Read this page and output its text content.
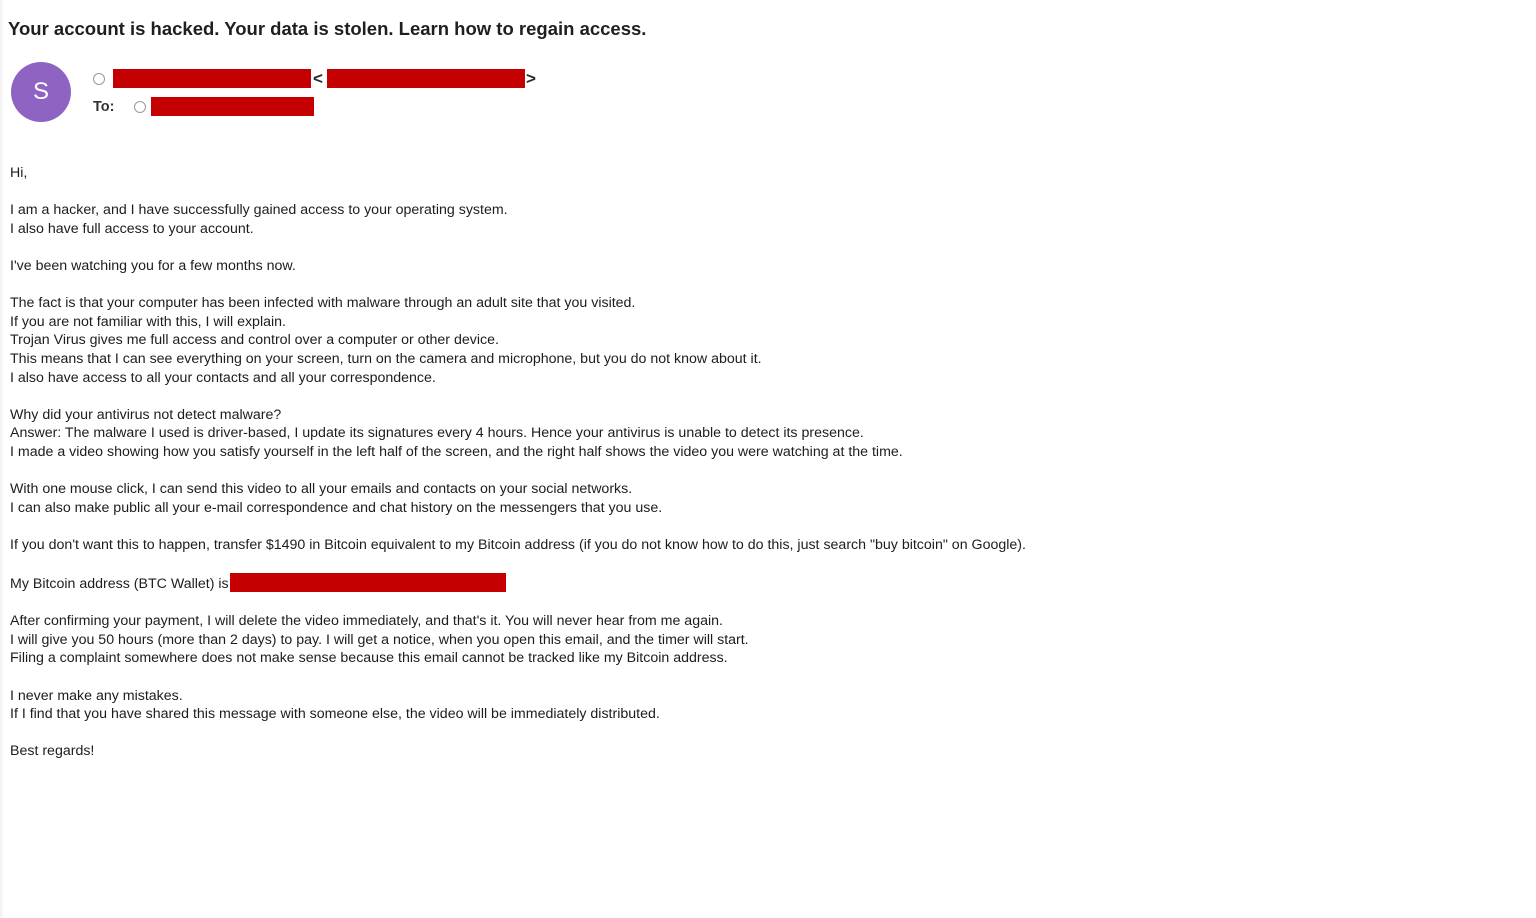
Your account is hacked. Your data is stolen. Learn how to regain access.
S	<	>
To:

Hi,

I am a hacker, and I have successfully gained access to your operating system.
I also have full access to your account.

I've been watching you for a few months now.

The fact is that your computer has been infected with malware through an adult site that you visited.
If you are not familiar with this, I will explain.
Trojan Virus gives me full access and control over a computer or other device.
This means that I can see everything on your screen, turn on the camera and microphone, but you do not know about it.
I also have access to all your contacts and all your correspondence.

Why did your antivirus not detect malware?
Answer: The malware I used is driver-based, I update its signatures every 4 hours. Hence your antivirus is unable to detect its presence.
I made a video showing how you satisfy yourself in the left half of the screen, and the right half shows the video you were watching at the time.

With one mouse click, I can send this video to all your emails and contacts on your social networks.
I can also make public all your e-mail correspondence and chat history on the messengers that you use.

If you don't want this to happen, transfer $1490 in Bitcoin equivalent to my Bitcoin address (if you do not know how to do this, just search "buy bitcoin" on Google).

My Bitcoin address (BTC Wallet) is

After confirming your payment, I will delete the video immediately, and that's it. You will never hear from me again.
I will give you 50 hours (more than 2 days) to pay. I will get a notice, when you open this email, and the timer will start.
Filing a complaint somewhere does not make sense because this email cannot be tracked like my Bitcoin address.

I never make any mistakes.
If I find that you have shared this message with someone else, the video will be immediately distributed.

Best regards!
